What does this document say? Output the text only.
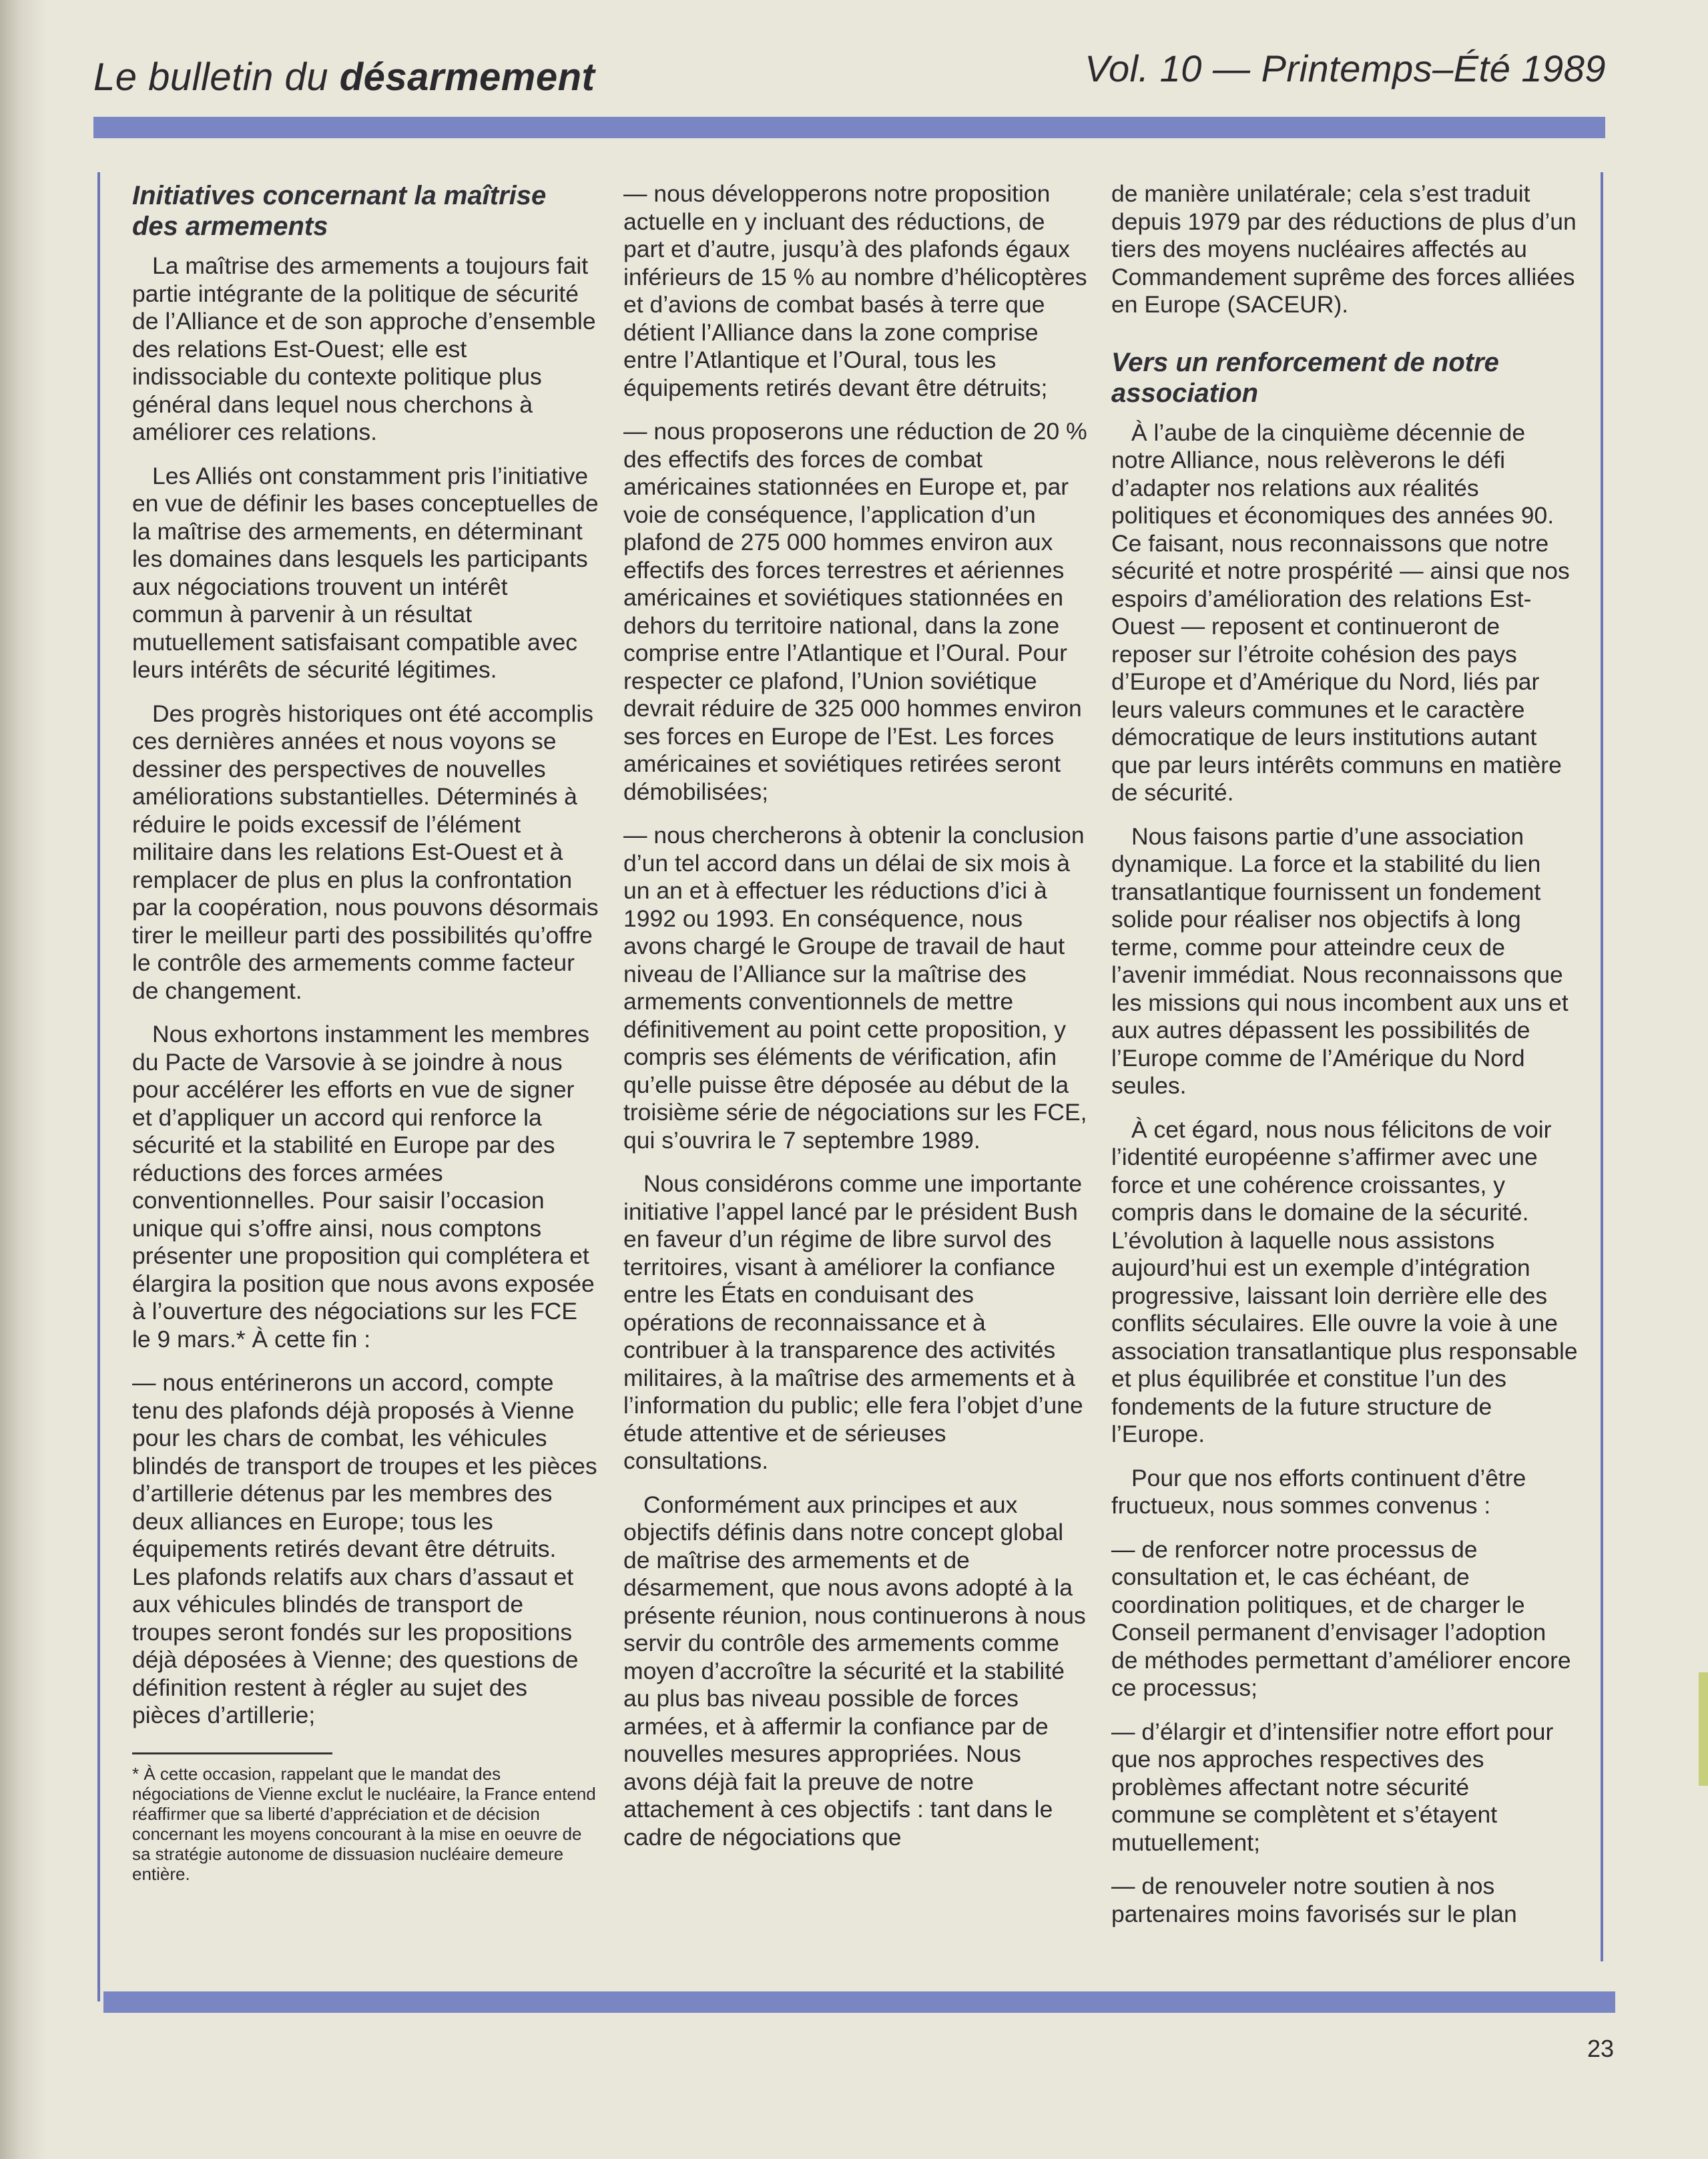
Le bulletin du désarmement	Vol. 10 — Printemps–Été 1989
Initiatives concernant la maîtrise des armements

La maîtrise des armements a toujours fait partie intégrante de la politique de sécurité de l’Alliance et de son approche d’ensemble des relations Est-Ouest; elle est indissociable du contexte politique plus général dans lequel nous cherchons à améliorer ces relations.

Les Alliés ont constamment pris l’initiative en vue de définir les bases conceptuelles de la maîtrise des armements, en déterminant les domaines dans lesquels les participants aux négociations trouvent un intérêt commun à parvenir à un résultat mutuellement satisfaisant compatible avec leurs intérêts de sécurité légitimes.

Des progrès historiques ont été accomplis ces dernières années et nous voyons se dessiner des perspectives de nouvelles améliorations substantielles. Déterminés à réduire le poids excessif de l’élément militaire dans les relations Est-Ouest et à remplacer de plus en plus la confrontation par la coopération, nous pouvons désormais tirer le meilleur parti des possibilités qu’offre le contrôle des armements comme facteur de changement.

Nous exhortons instamment les membres du Pacte de Varsovie à se joindre à nous pour accélérer les efforts en vue de signer et d’appliquer un accord qui renforce la sécurité et la stabilité en Europe par des réductions des forces armées conventionnelles. Pour saisir l’occasion unique qui s’offre ainsi, nous comptons présenter une proposition qui complétera et élargira la position que nous avons exposée à l’ouverture des négociations sur les FCE le 9 mars.* À cette fin :

— nous entérinerons un accord, compte tenu des plafonds déjà proposés à Vienne pour les chars de combat, les véhicules blindés de transport de troupes et les pièces d’artillerie détenus par les membres des deux alliances en Europe; tous les équipements retirés devant être détruits. Les plafonds relatifs aux chars d’assaut et aux véhicules blindés de transport de troupes seront fondés sur les propositions déjà déposées à Vienne; des questions de définition restent à régler au sujet des pièces d’artillerie;

* À cette occasion, rappelant que le mandat des négociations de Vienne exclut le nucléaire, la France entend réaffirmer que sa liberté d’appréciation et de décision concernant les moyens concourant à la mise en oeuvre de sa stratégie autonome de dissuasion nucléaire demeure entière.

— nous développerons notre proposition actuelle en y incluant des réductions, de part et d’autre, jusqu’à des plafonds égaux inférieurs de 15 % au nombre d’hélicoptères et d’avions de combat basés à terre que détient l’Alliance dans la zone comprise entre l’Atlantique et l’Oural, tous les équipements retirés devant être détruits;

— nous proposerons une réduction de 20 % des effectifs des forces de combat américaines stationnées en Europe et, par voie de conséquence, l’application d’un plafond de 275 000 hommes environ aux effectifs des forces terrestres et aériennes américaines et soviétiques stationnées en dehors du territoire national, dans la zone comprise entre l’Atlantique et l’Oural. Pour respecter ce plafond, l’Union soviétique devrait réduire de 325 000 hommes environ ses forces en Europe de l’Est. Les forces américaines et soviétiques retirées seront démobilisées;

— nous chercherons à obtenir la conclusion d’un tel accord dans un délai de six mois à un an et à effectuer les réductions d’ici à 1992 ou 1993. En conséquence, nous avons chargé le Groupe de travail de haut niveau de l’Alliance sur la maîtrise des armements conventionnels de mettre définitivement au point cette proposition, y compris ses éléments de vérification, afin qu’elle puisse être déposée au début de la troisième série de négociations sur les FCE, qui s’ouvrira le 7 septembre 1989.

Nous considérons comme une importante initiative l’appel lancé par le président Bush en faveur d’un régime de libre survol des territoires, visant à améliorer la confiance entre les États en conduisant des opérations de reconnaissance et à contribuer à la transparence des activités militaires, à la maîtrise des armements et à l’information du public; elle fera l’objet d’une étude attentive et de sérieuses consultations.

Conformément aux principes et aux objectifs définis dans notre concept global de maîtrise des armements et de désarmement, que nous avons adopté à la présente réunion, nous continuerons à nous servir du contrôle des armements comme moyen d’accroître la sécurité et la stabilité au plus bas niveau possible de forces armées, et à affermir la confiance par de nouvelles mesures appropriées. Nous avons déjà fait la preuve de notre attachement à ces objectifs : tant dans le cadre de négociations que

de manière unilatérale; cela s’est traduit depuis 1979 par des réductions de plus d’un tiers des moyens nucléaires affectés au Commandement suprême des forces alliées en Europe (SACEUR).

Vers un renforcement de notre association

À l’aube de la cinquième décennie de notre Alliance, nous relèverons le défi d’adapter nos relations aux réalités politiques et économiques des années 90. Ce faisant, nous reconnaissons que notre sécurité et notre prospérité — ainsi que nos espoirs d’amélioration des relations Est-Ouest — reposent et continueront de reposer sur l’étroite cohésion des pays d’Europe et d’Amérique du Nord, liés par leurs valeurs communes et le caractère démocratique de leurs institutions autant que par leurs intérêts communs en matière de sécurité.

Nous faisons partie d’une association dynamique. La force et la stabilité du lien transatlantique fournissent un fondement solide pour réaliser nos objectifs à long terme, comme pour atteindre ceux de l’avenir immédiat. Nous reconnaissons que les missions qui nous incombent aux uns et aux autres dépassent les possibilités de l’Europe comme de l’Amérique du Nord seules.

À cet égard, nous nous félicitons de voir l’identité européenne s’affirmer avec une force et une cohérence croissantes, y compris dans le domaine de la sécurité. L’évolution à laquelle nous assistons aujourd’hui est un exemple d’intégration progressive, laissant loin derrière elle des conflits séculaires. Elle ouvre la voie à une association transatlantique plus responsable et plus équilibrée et constitue l’un des fondements de la future structure de l’Europe.

Pour que nos efforts continuent d’être fructueux, nous sommes convenus :

— de renforcer notre processus de consultation et, le cas échéant, de coordination politiques, et de charger le Conseil permanent d’envisager l’adoption de méthodes permettant d’améliorer encore ce processus;

— d’élargir et d’intensifier notre effort pour que nos approches respectives des problèmes affectant notre sécurité commune se complètent et s’étayent mutuellement;

— de renouveler notre soutien à nos partenaires moins favorisés sur le plan

23
